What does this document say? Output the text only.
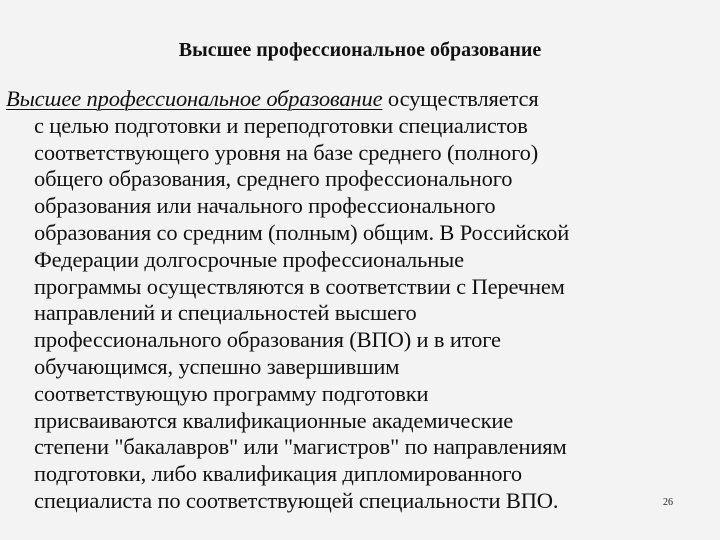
Высшее профессиональное образование

Высшее профессиональное образование осуществляется
с целью подготовки и переподготовки специалистов
соответствующего уровня на базе среднего (полного)
общего образования, среднего профессионального
образования или начального профессионального
образования со средним (полным) общим. В Российской
Федерации долгосрочные профессиональные
программы осуществляются в соответствии с Перечнем
направлений и специальностей высшего
профессионального образования (ВПО) и в итоге
обучающимся, успешно завершившим
соответствующую программу подготовки
присваиваются квалификационные академические
степени "бакалавров" или "магистров" по направлениям
подготовки, либо квалификация дипломированного
специалиста по соответствующей специальности ВПО.	26
